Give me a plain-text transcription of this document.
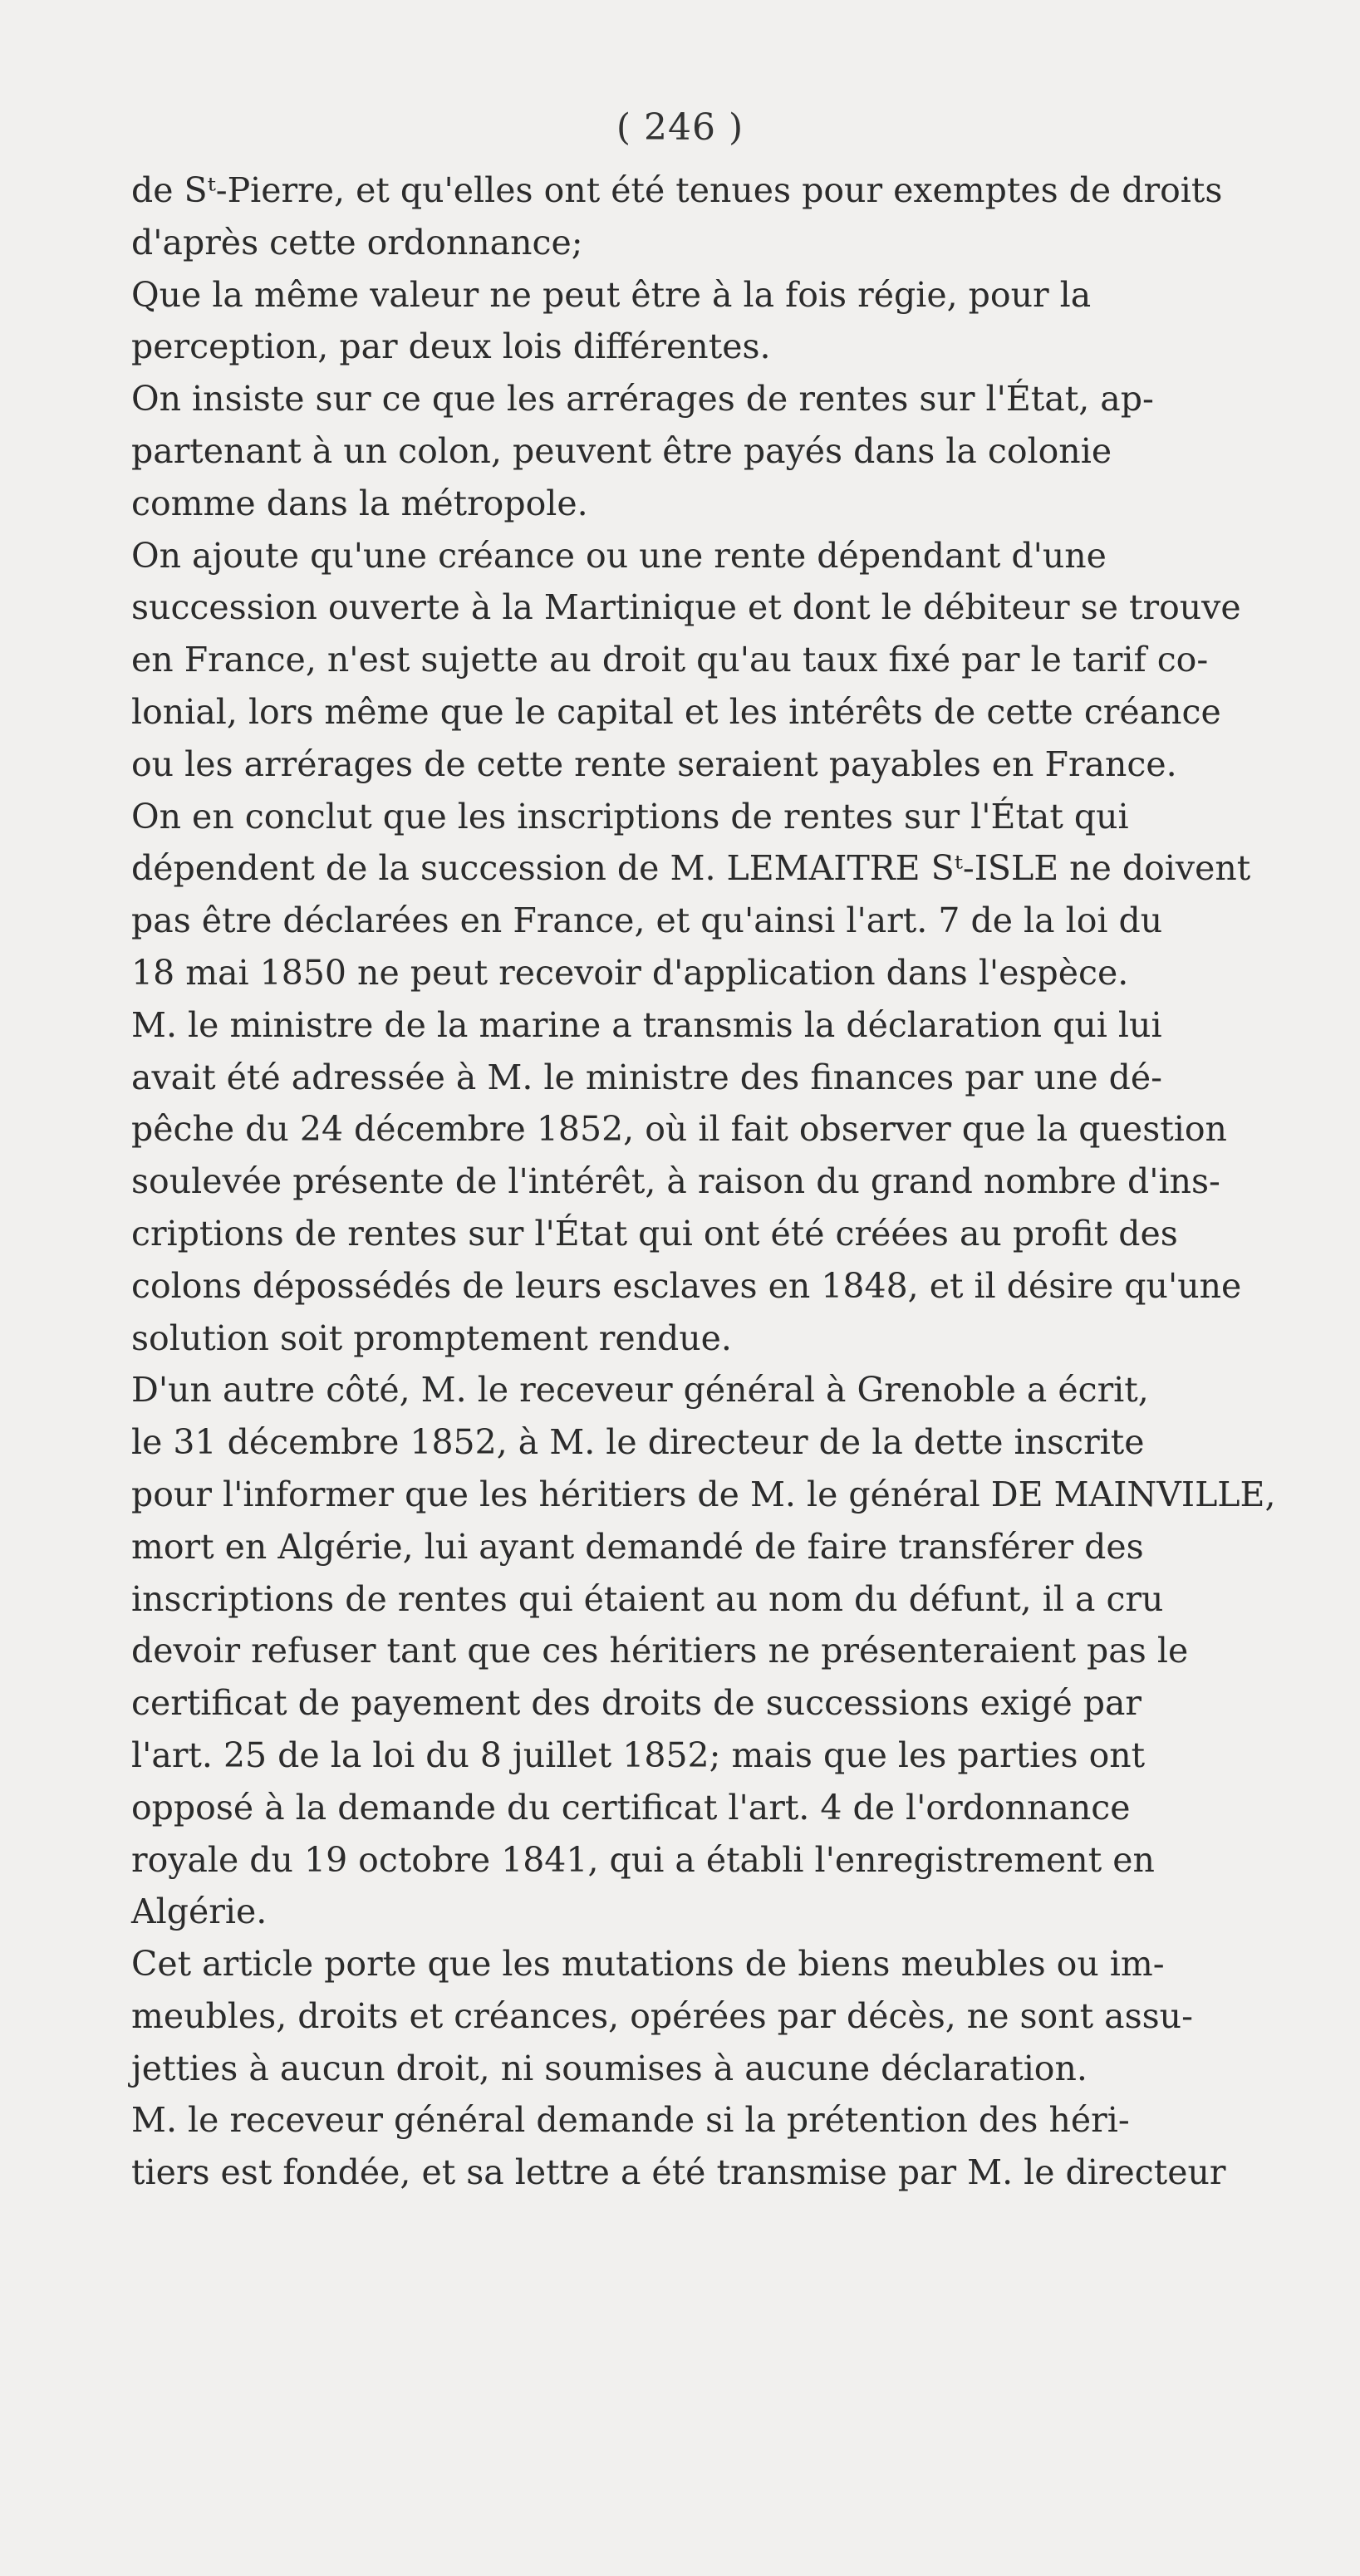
( 246 )
de Sᵗ-Pierre, et qu'elles ont été tenues pour exemptes de droits
d'après cette ordonnance;
Que la même valeur ne peut être à la fois régie, pour la
perception, par deux lois différentes.
On insiste sur ce que les arrérages de rentes sur l'État, ap-
partenant à un colon, peuvent être payés dans la colonie
comme dans la métropole.
On ajoute qu'une créance ou une rente dépendant d'une
succession ouverte à la Martinique et dont le débiteur se trouve
en France, n'est sujette au droit qu'au taux fixé par le tarif co-
lonial, lors même que le capital et les intérêts de cette créance
ou les arrérages de cette rente seraient payables en France.
On en conclut que les inscriptions de rentes sur l'État qui
dépendent de la succession de M. LEMAITRE Sᵗ-ISLE ne doivent
pas être déclarées en France, et qu'ainsi l'art. 7 de la loi du
18 mai 1850 ne peut recevoir d'application dans l'espèce.
M. le ministre de la marine a transmis la déclaration qui lui
avait été adressée à M. le ministre des finances par une dé-
pêche du 24 décembre 1852, où il fait observer que la question
soulevée présente de l'intérêt, à raison du grand nombre d'ins-
criptions de rentes sur l'État qui ont été créées au profit des
colons dépossédés de leurs esclaves en 1848, et il désire qu'une
solution soit promptement rendue.
D'un autre côté, M. le receveur général à Grenoble a écrit,
le 31 décembre 1852, à M. le directeur de la dette inscrite
pour l'informer que les héritiers de M. le général DE MAINVILLE,
mort en Algérie, lui ayant demandé de faire transférer des
inscriptions de rentes qui étaient au nom du défunt, il a cru
devoir refuser tant que ces héritiers ne présenteraient pas le
certificat de payement des droits de successions exigé par
l'art. 25 de la loi du 8 juillet 1852; mais que les parties ont
opposé à la demande du certificat l'art. 4 de l'ordonnance
royale du 19 octobre 1841, qui a établi l'enregistrement en
Algérie.
Cet article porte que les mutations de biens meubles ou im-
meubles, droits et créances, opérées par décès, ne sont assu-
jetties à aucun droit, ni soumises à aucune déclaration.
M. le receveur général demande si la prétention des héri-
tiers est fondée, et sa lettre a été transmise par M. le directeur
